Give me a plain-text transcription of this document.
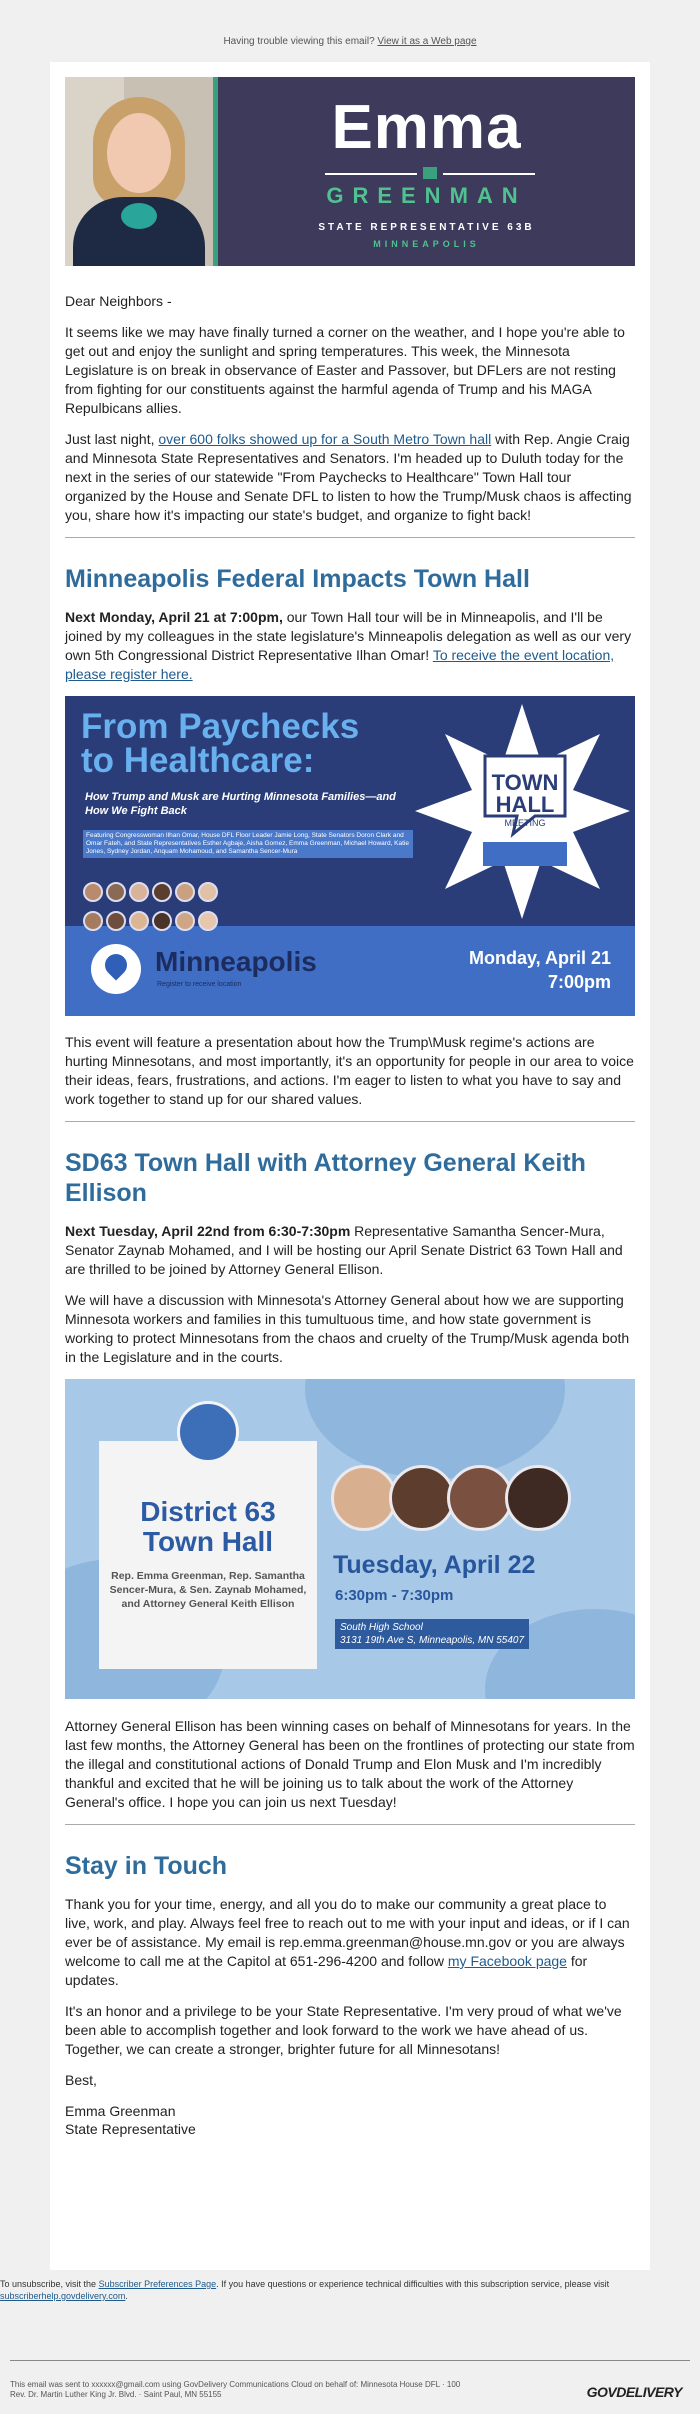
Having trouble viewing this email? View it as a Web page
Emma
GREENMAN
STATE REPRESENTATIVE 63B
MINNEAPOLIS

Dear Neighbors -

It seems like we may have finally turned a corner on the weather, and I hope you're able to get out and enjoy the sunlight and spring temperatures. This week, the Minnesota Legislature is on break in observance of Easter and Passover, but DFLers are not resting from fighting for our constituents against the harmful agenda of Trump and his MAGA Repulbicans allies.

Just last night, over 600 folks showed up for a South Metro Town hall with Rep. Angie Craig and Minnesota State Representatives and Senators. I'm headed up to Duluth today for the next in the series of our statewide "From Paychecks to Healthcare" Town Hall tour organized by the House and Senate DFL to listen to how the Trump/Musk chaos is affecting you, share how it's impacting our state's budget, and organize to fight back!

Minneapolis Federal Impacts Town Hall

Next Monday, April 21 at 7:00pm, our Town Hall tour will be in Minneapolis, and I'll be joined by my colleagues in the state legislature's Minneapolis delegation as well as our very own 5th Congressional District Representative Ilhan Omar! To receive the event location, please register here.

From Paychecks
to Healthcare:
How Trump and Musk are Hurting Minnesota Families—and How We Fight Back
Featuring Congresswoman Ilhan Omar, House DFL Floor Leader Jamie Long, State Senators Doron Clark and Omar Fateh, and State Representatives Esther Agbaje, Aisha Gomez, Emma Greenman, Michael Howard, Katie Jones, Sydney Jordan, Anquam Mohamoud, and Samantha Sencer-Mura

TOWN
HALL
MEETING
Minneapolis
Register to receive location
Monday, April 21
7:00pm

This event will feature a presentation about how the Trump\Musk regime's actions are hurting Minnesotans, and most importantly, it's an opportunity for people in our area to voice their ideas, fears, frustrations, and actions. I'm eager to listen to what you have to say and work together to stand up for our shared values.

SD63 Town Hall with Attorney General Keith Ellison

Next Tuesday, April 22nd from 6:30-7:30pm Representative Samantha Sencer-Mura, Senator Zaynab Mohamed, and I will be hosting our April Senate District 63 Town Hall and are thrilled to be joined by Attorney General Ellison.

We will have a discussion with Minnesota's Attorney General about how we are supporting Minnesota workers and families in this tumultuous time, and how state government is working to protect Minnesotans from the chaos and cruelty of the Trump/Musk agenda both in the Legislature and in the courts.

District 63
Town Hall
Rep. Emma Greenman, Rep. Samantha Sencer-Mura, & Sen. Zaynab Mohamed, and Attorney General Keith Ellison
Tuesday, April 22
6:30pm - 7:30pm
South High School
3131 19th Ave S, Minneapolis, MN 55407

Attorney General Ellison has been winning cases on behalf of Minnesotans for years. In the last few months, the Attorney General has been on the frontlines of protecting our state from the illegal and constitutional actions of Donald Trump and Elon Musk and I'm incredibly thankful and excited that he will be joining us to talk about the work of the Attorney General's office. I hope you can join us next Tuesday!

Stay in Touch

Thank you for your time, energy, and all you do to make our community a great place to live, work, and play. Always feel free to reach out to me with your input and ideas, or if I can ever be of assistance. My email is rep.emma.greenman@house.mn.gov or you are always welcome to call me at the Capitol at 651-296-4200 and follow my Facebook page for updates.

It's an honor and a privilege to be your State Representative. I'm very proud of what we've been able to accomplish together and look forward to the work we have ahead of us. Together, we can create a stronger, brighter future for all Minnesotans!

Best,

Emma Greenman
State Representative
To unsubscribe, visit the Subscriber Preferences Page. If you have questions or experience technical difficulties with this subscription service, please visit subscriberhelp.govdelivery.com.
This email was sent to xxxxxx@gmail.com using GovDelivery Communications Cloud on behalf of: Minnesota House DFL · 100
Rev. Dr. Martin Luther King Jr. Blvd. · Saint Paul, MN 55155	GOVDELIVERY
